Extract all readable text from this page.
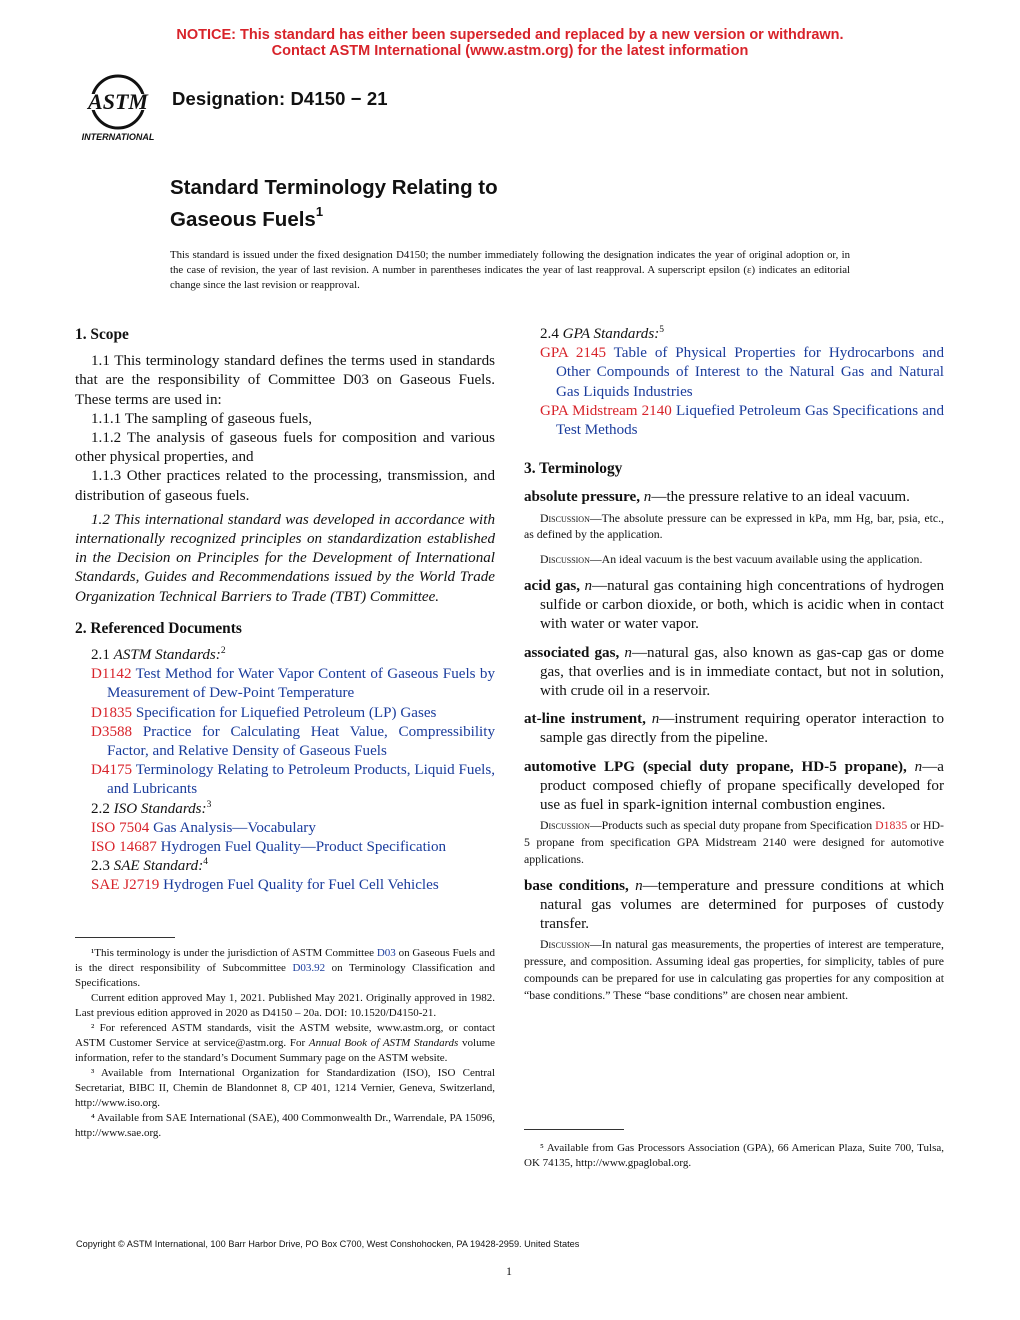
NOTICE: This standard has either been superseded and replaced by a new version or withdrawn.
Contact ASTM International (www.astm.org) for the latest information
ASTM
INTERNATIONAL
Designation: D4150 − 21
Standard Terminology Relating to
Gaseous Fuels$^1$
This standard is issued under the fixed designation D4150; the number immediately following the designation indicates the year of original adoption or, in the case of revision, the year of last revision. A number in parentheses indicates the year of last reapproval. A superscript epsilon (ε) indicates an editorial change since the last revision or reapproval.

1. Scope

1.1 This terminology standard defines the terms used in standards that are the responsibility of Committee D03 on Gaseous Fuels. These terms are used in:

1.1.1 The sampling of gaseous fuels,

1.1.2 The analysis of gaseous fuels for composition and various other physical properties, and

1.1.3 Other practices related to the processing, transmission, and distribution of gaseous fuels.

1.2 This international standard was developed in accordance with internationally recognized principles on standardization established in the Decision on Principles for the Development of International Standards, Guides and Recommendations issued by the World Trade Organization Technical Barriers to Trade (TBT) Committee.

2. Referenced Documents

2.1 ASTM Standards:$^2$

D1142 Test Method for Water Vapor Content of Gaseous Fuels by Measurement of Dew-Point Temperature

D1835 Specification for Liquefied Petroleum (LP) Gases

D3588 Practice for Calculating Heat Value, Compressibility Factor, and Relative Density of Gaseous Fuels

D4175 Terminology Relating to Petroleum Products, Liquid Fuels, and Lubricants

2.2 ISO Standards:$^3$

ISO 7504 Gas Analysis—Vocabulary

ISO 14687 Hydrogen Fuel Quality—Product Specification

2.3 SAE Standard:$^4$

SAE J2719 Hydrogen Fuel Quality for Fuel Cell Vehicles

¹This terminology is under the jurisdiction of ASTM Committee D03 on Gaseous Fuels and is the direct responsibility of Subcommittee D03.92 on Terminology Classification and Specifications.

Current edition approved May 1, 2021. Published May 2021. Originally approved in 1982. Last previous edition approved in 2020 as D4150 – 20a. DOI: 10.1520/D4150-21.

² For referenced ASTM standards, visit the ASTM website, www.astm.org, or contact ASTM Customer Service at service@astm.org. For Annual Book of ASTM Standards volume information, refer to the standard’s Document Summary page on the ASTM website.

³ Available from International Organization for Standardization (ISO), ISO Central Secretariat, BIBC II, Chemin de Blandonnet 8, CP 401, 1214 Vernier, Geneva, Switzerland, http://www.iso.org.

⁴ Available from SAE International (SAE), 400 Commonwealth Dr., Warrendale, PA 15096, http://www.sae.org.

2.4 GPA Standards:$^5$

GPA 2145 Table of Physical Properties for Hydrocarbons and Other Compounds of Interest to the Natural Gas and Natural Gas Liquids Industries

GPA Midstream 2140 Liquefied Petroleum Gas Specifications and Test Methods

3. Terminology

absolute pressure, n—the pressure relative to an ideal vacuum.

Discussion—The absolute pressure can be expressed in kPa, mm Hg, bar, psia, etc., as defined by the application.

Discussion—An ideal vacuum is the best vacuum available using the application.

acid gas, n—natural gas containing high concentrations of hydrogen sulfide or carbon dioxide, or both, which is acidic when in contact with water or water vapor.

associated gas, n—natural gas, also known as gas-cap gas or dome gas, that overlies and is in immediate contact, but not in solution, with crude oil in a reservoir.

at-line instrument, n—instrument requiring operator interaction to sample gas directly from the pipeline.

automotive LPG (special duty propane, HD-5 propane), n—a product composed chiefly of propane specifically developed for use as fuel in spark-ignition internal combustion engines.

Discussion—Products such as special duty propane from Specification D1835 or HD-5 propane from specification GPA Midstream 2140 were designed for automotive applications.

base conditions, n—temperature and pressure conditions at which natural gas volumes are determined for purposes of custody transfer.

Discussion—In natural gas measurements, the properties of interest are temperature, pressure, and composition. Assuming ideal gas properties, for simplicity, tables of pure compounds can be prepared for use in calculating gas properties for any composition at “base conditions.” These “base conditions” are chosen near ambient.

⁵ Available from Gas Processors Association (GPA), 66 American Plaza, Suite 700, Tulsa, OK 74135, http://www.gpaglobal.org.

Copyright © ASTM International, 100 Barr Harbor Drive, PO Box C700, West Conshohocken, PA 19428-2959. United States
1
